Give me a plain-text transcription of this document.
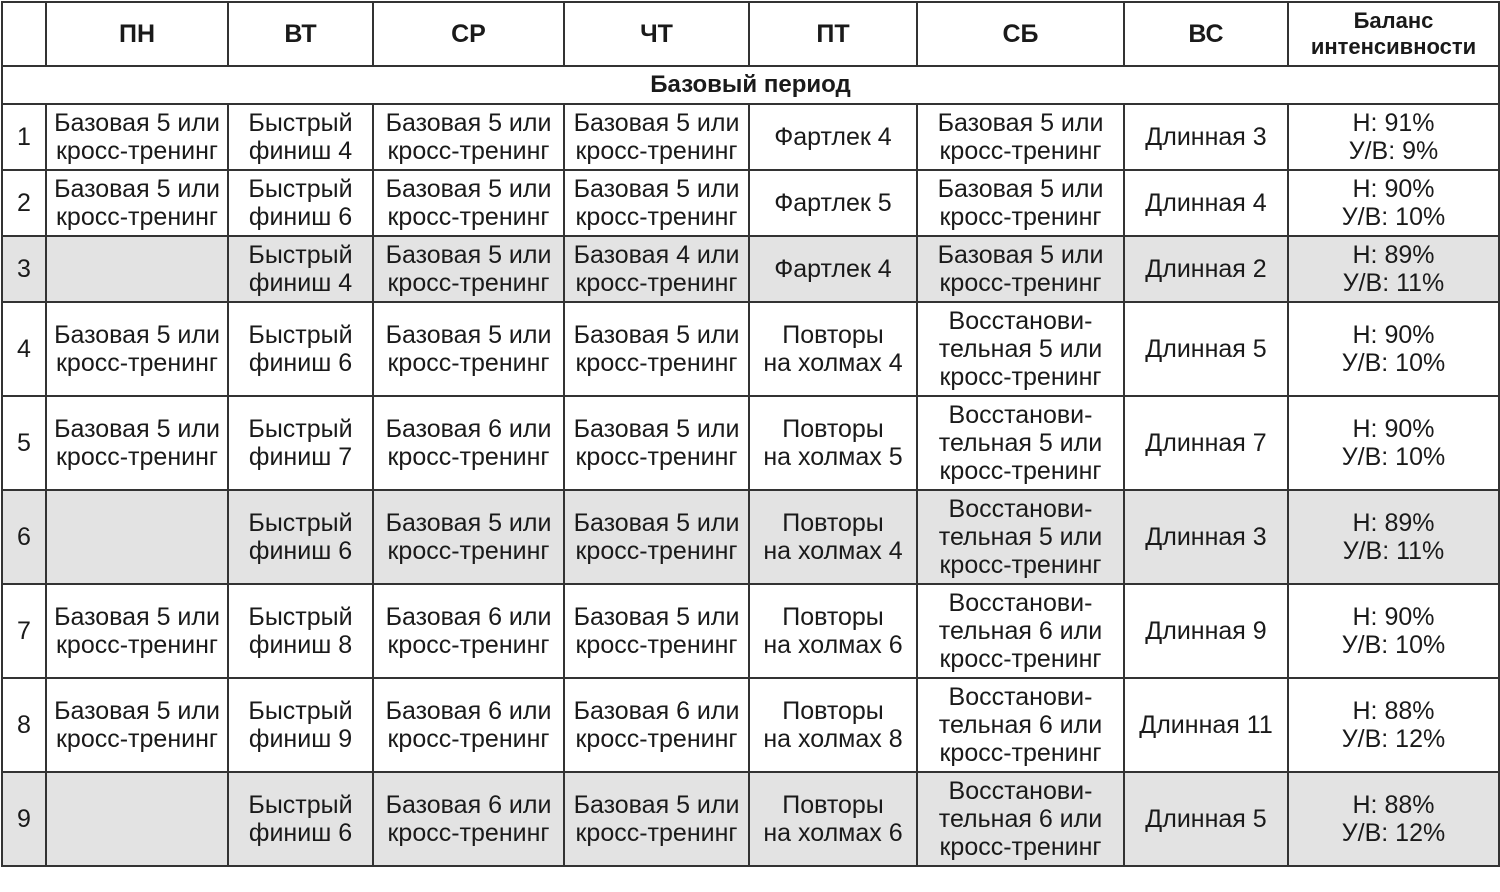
	ПН	ВТ	СР	ЧТ	ПТ	СБ	ВС	Баланс
интенсивности

Базовый период								
1	Базовая 5 или
кросс-тренинг	Быстрый
финиш 4	Базовая 5 или
кросс-тренинг	Базовая 5 или
кросс-тренинг	Фартлек 4	Базовая 5 или
кросс-тренинг	Длинная 3	Н: 91%
У/В: 9%

2	Базовая 5 или
кросс-тренинг	Быстрый
финиш 6	Базовая 5 или
кросс-тренинг	Базовая 5 или
кросс-тренинг	Фартлек 5	Базовая 5 или
кросс-тренинг	Длинная 4	Н: 90%
У/В: 10%

3		Быстрый
финиш 4	Базовая 5 или
кросс-тренинг	Базовая 4 или
кросс-тренинг	Фартлек 4	Базовая 5 или
кросс-тренинг	Длинная 2	Н: 89%
У/В: 11%

4	Базовая 5 или
кросс-тренинг	Быстрый
финиш 6	Базовая 5 или
кросс-тренинг	Базовая 5 или
кросс-тренинг	Повторы
на холмах 4	Восстанови-
тельная 5 или
кросс-тренинг	Длинная 5	Н: 90%
У/В: 10%

5	Базовая 5 или
кросс-тренинг	Быстрый
финиш 7	Базовая 6 или
кросс-тренинг	Базовая 5 или
кросс-тренинг	Повторы
на холмах 5	Восстанови-
тельная 5 или
кросс-тренинг	Длинная 7	Н: 90%
У/В: 10%

6		Быстрый
финиш 6	Базовая 5 или
кросс-тренинг	Базовая 5 или
кросс-тренинг	Повторы
на холмах 4	Восстанови-
тельная 5 или
кросс-тренинг	Длинная 3	Н: 89%
У/В: 11%

7	Базовая 5 или
кросс-тренинг	Быстрый
финиш 8	Базовая 6 или
кросс-тренинг	Базовая 5 или
кросс-тренинг	Повторы
на холмах 6	Восстанови-
тельная 6 или
кросс-тренинг	Длинная 9	Н: 90%
У/В: 10%

8	Базовая 5 или
кросс-тренинг	Быстрый
финиш 9	Базовая 6 или
кросс-тренинг	Базовая 6 или
кросс-тренинг	Повторы
на холмах 8	Восстанови-
тельная 6 или
кросс-тренинг	Длинная 11	Н: 88%
У/В: 12%

9		Быстрый
финиш 6	Базовая 6 или
кросс-тренинг	Базовая 5 или
кросс-тренинг	Повторы
на холмах 6	Восстанови-
тельная 6 или
кросс-тренинг	Длинная 5	Н: 88%
У/В: 12%
